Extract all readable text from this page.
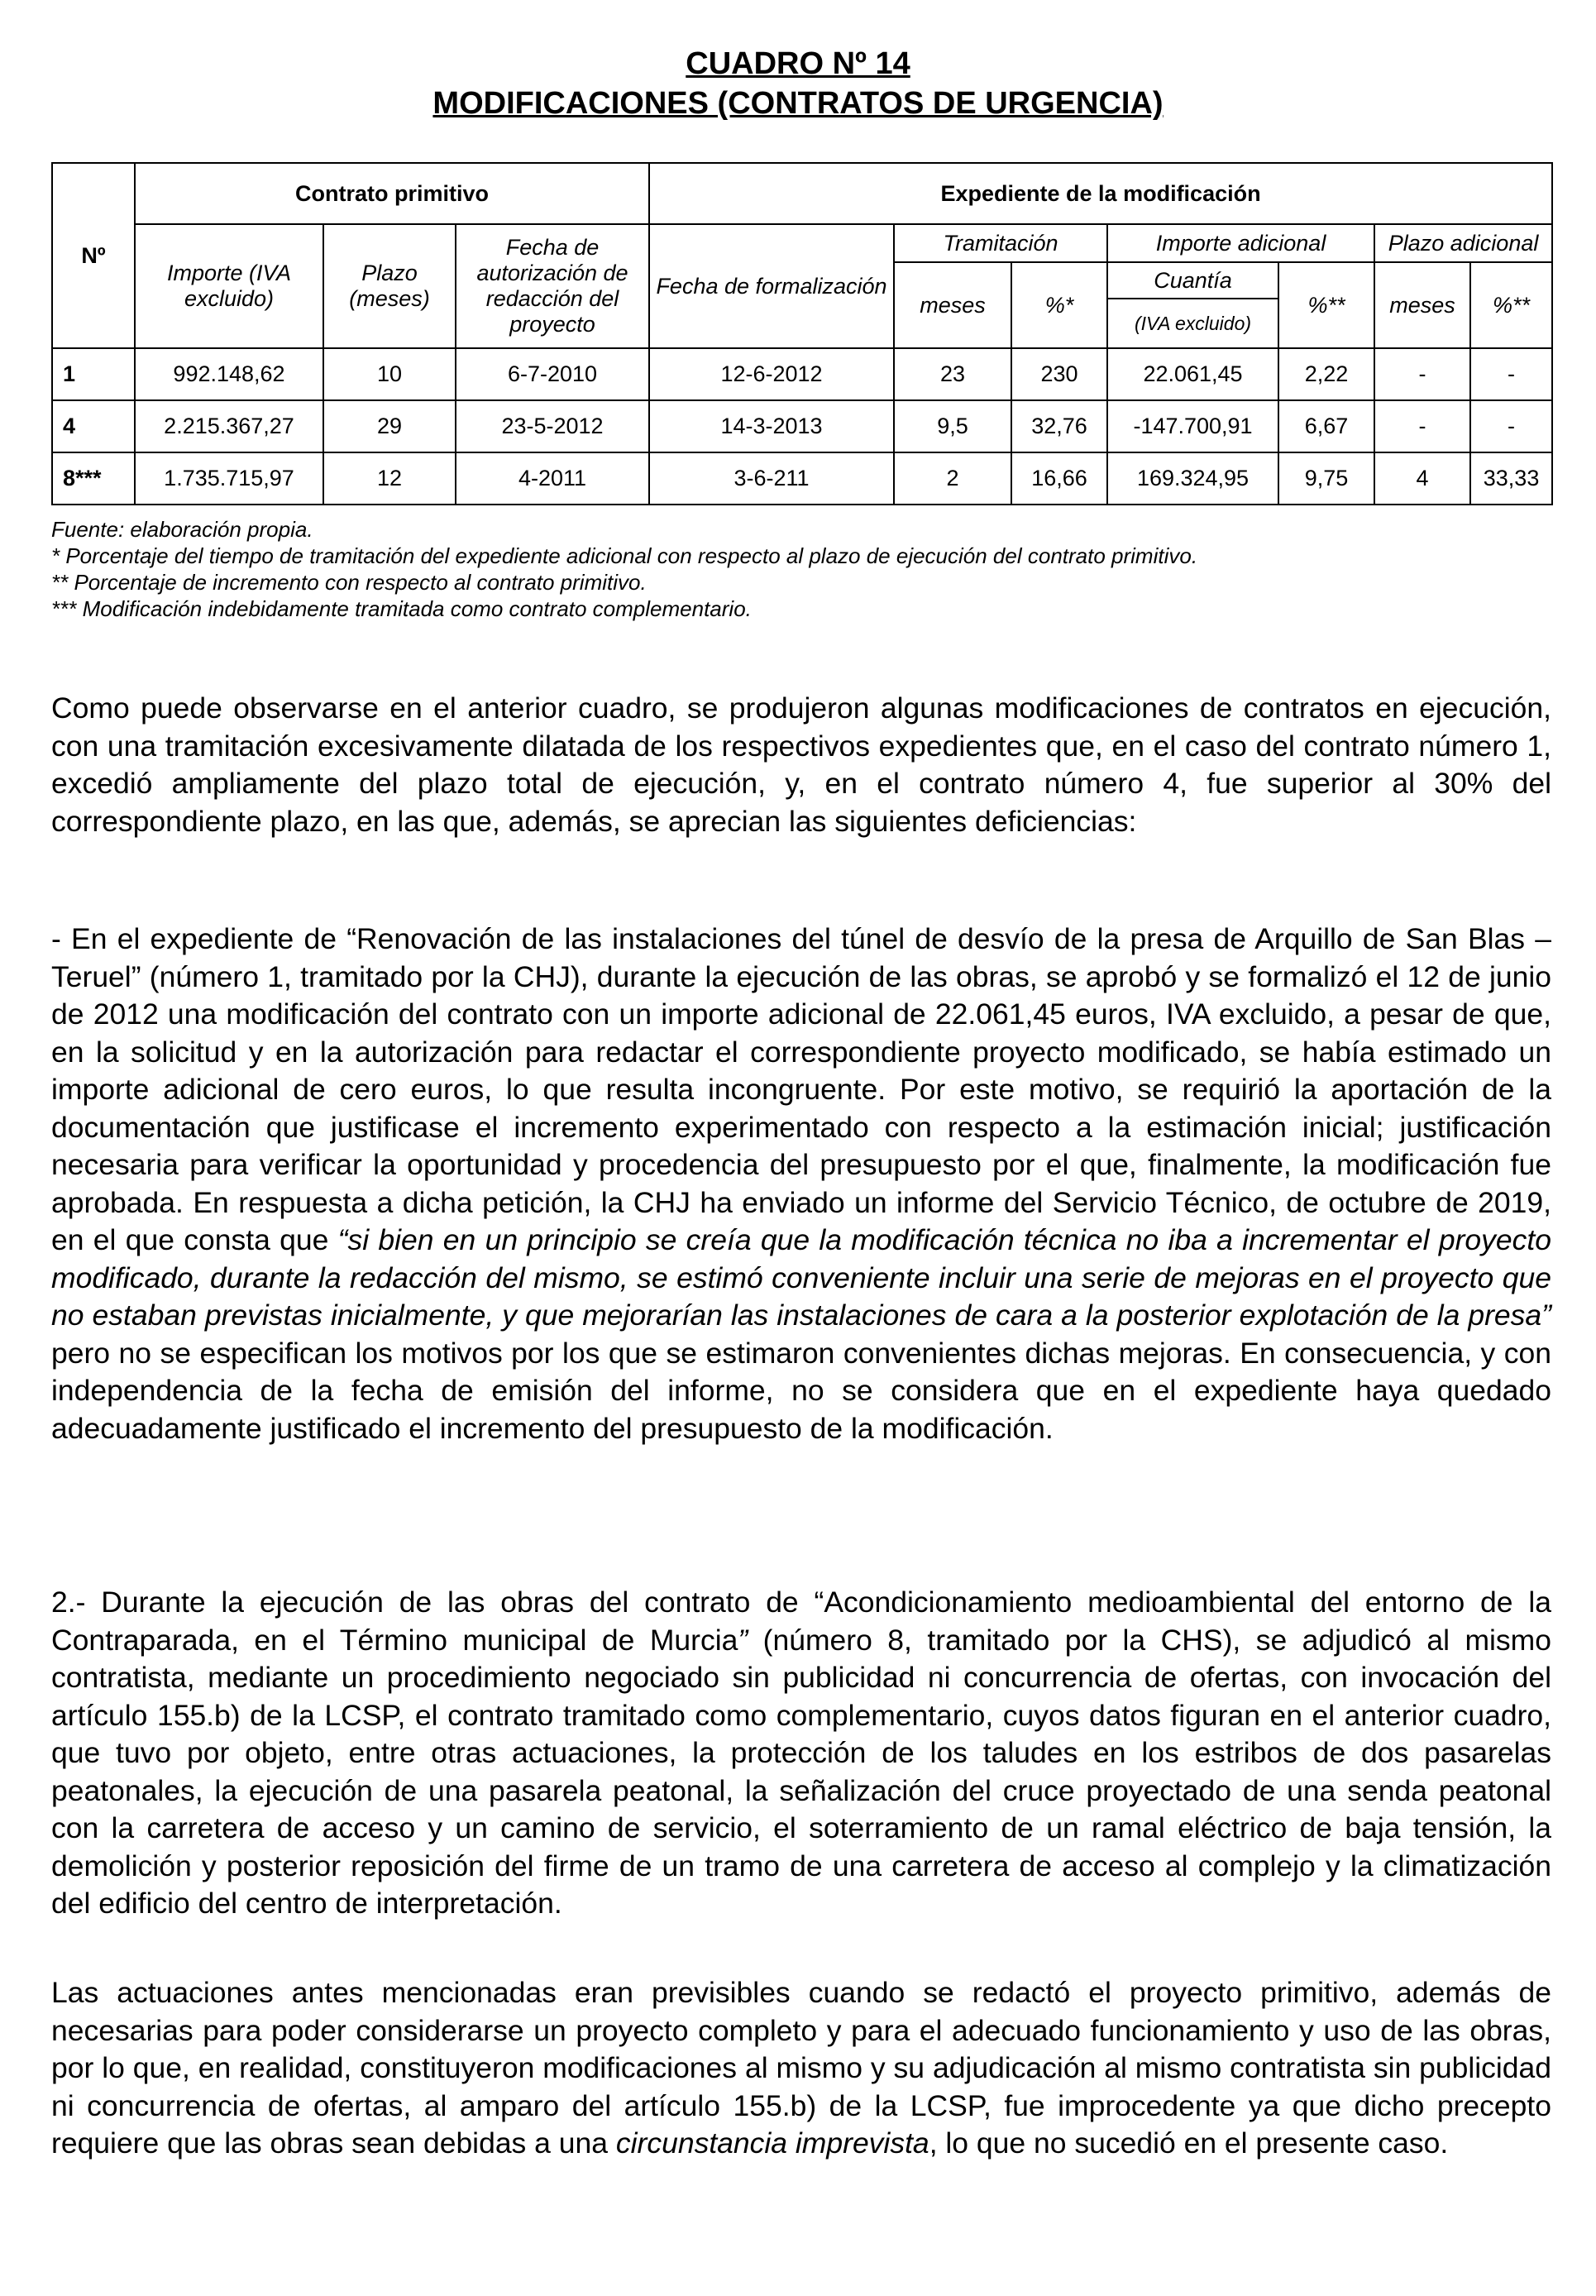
CUADRO Nº 14
MODIFICACIONES (CONTRATOS DE URGENCIA)
Nº	Contrato primitivo			Expediente de la modificación						
	Importe (IVA excluido)	Plazo (meses)	Fecha de autorización de redacción del proyecto	Fecha de formalización	Tramitación		Importe adicional		Plazo adicional	
					meses	%*	Cuantía	%**	meses	%**
							(IVA excluido)			
1	992.148,62	10	6-7-2010	12-6-2012	23	230	22.061,45	2,22	-	-
4	2.215.367,27	29	23-5-2012	14-3-2013	9,5	32,76	-147.700,91	6,67	-	-
8***	1.735.715,97	12	4-2011	3-6-211	2	16,66	169.324,95	9,75	4	33,33
Fuente: elaboración propia.
* Porcentaje del tiempo de tramitación del expediente adicional con respecto al plazo de ejecución del contrato primitivo.
** Porcentaje de incremento con respecto al contrato primitivo.
*** Modificación indebidamente tramitada como contrato complementario.

Como puede observarse en el anterior cuadro, se produjeron algunas modificaciones de contratos en ejecución, con una tramitación excesivamente dilatada de los respectivos expedientes que, en el caso del contrato número 1, excedió ampliamente del plazo total de ejecución, y, en el contrato número 4, fue superior al 30% del correspondiente plazo, en las que, además, se aprecian las siguientes deficiencias:

- En el expediente de “Renovación de las instalaciones del túnel de desvío de la presa de Arquillo de San Blas – Teruel” (número 1, tramitado por la CHJ), durante la ejecución de las obras, se aprobó y se formalizó el 12 de junio de 2012 una modificación del contrato con un importe adicional de 22.061,45 euros, IVA excluido, a pesar de que, en la solicitud y en la autorización para redactar el correspondiente proyecto modificado, se había estimado un importe adicional de cero euros, lo que resulta incongruente. Por este motivo, se requirió la aportación de la documentación que justificase el incremento experimentado con respecto a la estimación inicial; justificación necesaria para verificar la oportunidad y procedencia del presupuesto por el que, finalmente, la modificación fue aprobada. En respuesta a dicha petición, la CHJ ha enviado un informe del Servicio Técnico, de octubre de 2019, en el que consta que “si bien en un principio se creía que la modificación técnica no iba a incrementar el proyecto modificado, durante la redacción del mismo, se estimó conveniente incluir una serie de mejoras en el proyecto que no estaban previstas inicialmente, y que mejorarían las instalaciones de cara a la posterior explotación de la presa” pero no se especifican los motivos por los que se estimaron convenientes dichas mejoras. En consecuencia, y con independencia de la fecha de emisión del informe, no se considera que en el expediente haya quedado adecuadamente justificado el incremento del presupuesto de la modificación.

2.- Durante la ejecución de las obras del contrato de “Acondicionamiento medioambiental del entorno de la Contraparada, en el Término municipal de Murcia” (número 8, tramitado por la CHS), se adjudicó al mismo contratista, mediante un procedimiento negociado sin publicidad ni concurrencia de ofertas, con invocación del artículo 155.b) de la LCSP, el contrato tramitado como complementario, cuyos datos figuran en el anterior cuadro, que tuvo por objeto, entre otras actuaciones, la protección de los taludes en los estribos de dos pasarelas peatonales, la ejecución de una pasarela peatonal, la señalización del cruce proyectado de una senda peatonal con la carretera de acceso y un camino de servicio, el soterramiento de un ramal eléctrico de baja tensión, la demolición y posterior reposición del firme de un tramo de una carretera de acceso al complejo y la climatización del edificio del centro de interpretación.

Las actuaciones antes mencionadas eran previsibles cuando se redactó el proyecto primitivo, además de necesarias para poder considerarse un proyecto completo y para el adecuado funcionamiento y uso de las obras, por lo que, en realidad, constituyeron modificaciones al mismo y su adjudicación al mismo contratista sin publicidad ni concurrencia de ofertas, al amparo del artículo 155.b) de la LCSP, fue improcedente ya que dicho precepto requiere que las obras sean debidas a una circunstancia imprevista, lo que no sucedió en el presente caso.
